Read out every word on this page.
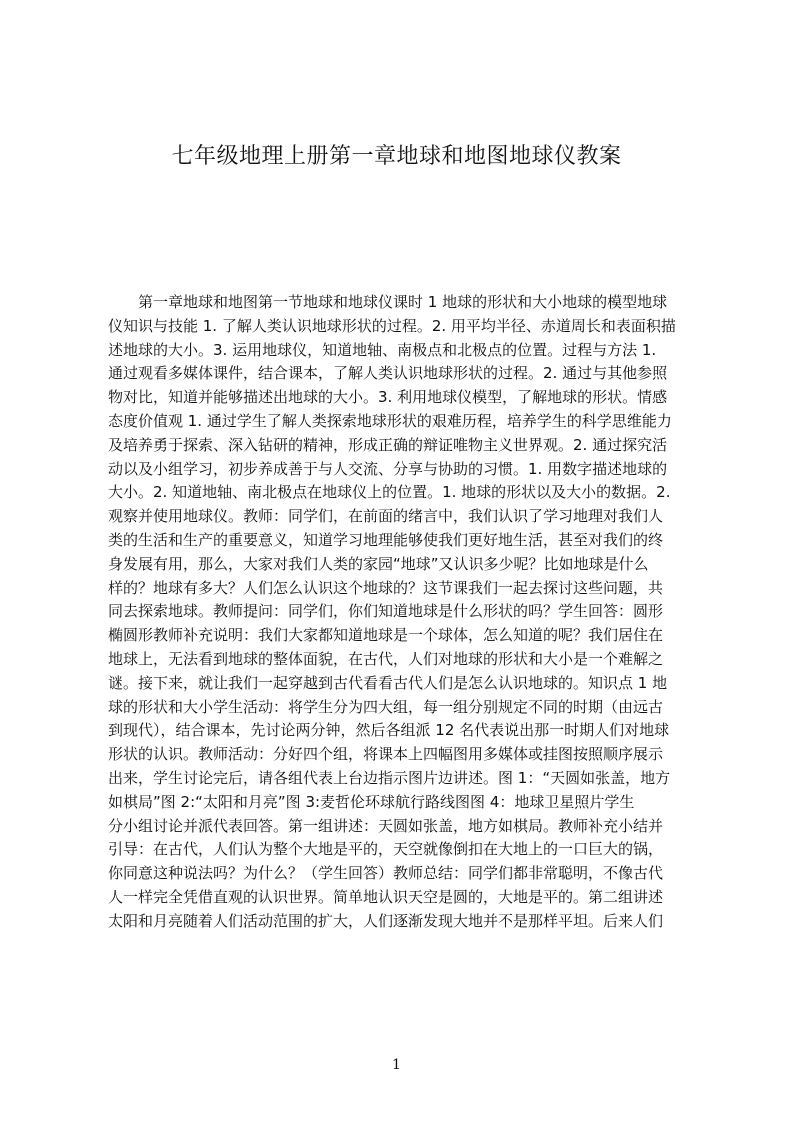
七年级地理上册第一章地球和地图地球仪教案
第一章地球和地图第一节地球和地球仪课时 1 地球的形状和大小地球的模型地球
仪知识与技能 1. 了解人类认识地球形状的过程。2. 用平均半径、赤道周长和表面积描
述地球的大小。3. 运用地球仪，知道地轴、南极点和北极点的位置。过程与方法 1.
通过观看多媒体课件，结合课本，了解人类认识地球形状的过程。2. 通过与其他参照
物对比，知道并能够描述出地球的大小。3. 利用地球仪模型，了解地球的形状。情感
态度价值观 1. 通过学生了解人类探索地球形状的艰难历程，培养学生的科学思维能力
及培养勇于探索、深入钻研的精神，形成正确的辩证唯物主义世界观。2. 通过探究活
动以及小组学习，初步养成善于与人交流、分享与协助的习惯。1. 用数字描述地球的
大小。2. 知道地轴、南北极点在地球仪上的位置。1. 地球的形状以及大小的数据。2.
观察并使用地球仪。教师：同学们，在前面的绪言中，我们认识了学习地理对我们人
类的生活和生产的重要意义，知道学习地理能够使我们更好地生活，甚至对我们的终
身发展有用，那么，大家对我们人类的家园“地球”又认识多少呢？比如地球是什么
样的？地球有多大？人们怎么认识这个地球的？这节课我们一起去探讨这些问题，共
同去探索地球。教师提问：同学们，你们知道地球是什么形状的吗？学生回答：圆形
椭圆形教师补充说明：我们大家都知道地球是一个球体，怎么知道的呢？我们居住在
地球上，无法看到地球的整体面貌，在古代，人们对地球的形状和大小是一个难解之
谜。接下来，就让我们一起穿越到古代看看古代人们是怎么认识地球的。知识点 1 地
球的形状和大小学生活动：将学生分为四大组，每一组分别规定不同的时期（由远古
到现代），结合课本，先讨论两分钟，然后各组派 12 名代表说出那一时期人们对地球
形状的认识。教师活动：分好四个组，将课本上四幅图用多媒体或挂图按照顺序展示
出来，学生讨论完后，请各组代表上台边指示图片边讲述。图 1：“天圆如张盖，地方
如棋局”图 2:“太阳和月亮”图 3:麦哲伦环球航行路线图图 4：地球卫星照片学生
分小组讨论并派代表回答。第一组讲述：天圆如张盖，地方如棋局。教师补充小结并
引导：在古代，人们认为整个大地是平的，天空就像倒扣在大地上的一口巨大的锅，
你同意这种说法吗？为什么？（学生回答）教师总结：同学们都非常聪明，不像古代
人一样完全凭借直观的认识世界。简单地认识天空是圆的，大地是平的。第二组讲述
太阳和月亮随着人们活动范围的扩大，人们逐渐发现大地并不是那样平坦。后来人们
1
